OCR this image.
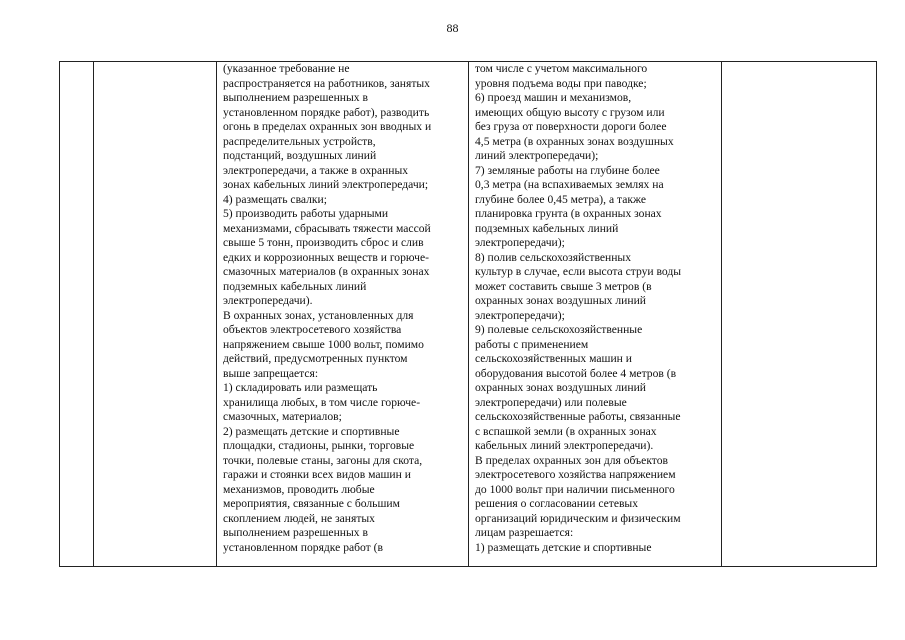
88

(указанное требование не
распространяется на работников, занятых
выполнением разрешенных в
установленном порядке работ), разводить
огонь в пределах охранных зон вводных и
распределительных устройств,
подстанций, воздушных линий
электропередачи, а также в охранных
зонах кабельных линий электропередачи;
4) размещать свалки;
5) производить работы ударными
механизмами, сбрасывать тяжести массой
свыше 5 тонн, производить сброс и слив
едких и коррозионных веществ и горюче-
смазочных материалов (в охранных зонах
подземных кабельных линий
электропередачи).
В охранных зонах, установленных для
объектов электросетевого хозяйства
напряжением свыше 1000 вольт, помимо
действий, предусмотренных пунктом
выше запрещается:
1) складировать или размещать
хранилища любых, в том числе горюче-
смазочных, материалов;
2) размещать детские и спортивные
площадки, стадионы, рынки, торговые
точки, полевые станы, загоны для скота,
гаражи и стоянки всех видов машин и
механизмов, проводить любые
мероприятия, связанные с большим
скоплением людей, не занятых
выполнением разрешенных в
установленном порядке работ (в

том числе с учетом максимального
уровня подъема воды при паводке;
6) проезд машин и механизмов,
имеющих общую высоту с грузом или
без груза от поверхности дороги более
4,5 метра (в охранных зонах воздушных
линий электропередачи);
7) земляные работы на глубине более
0,3 метра (на вспахиваемых землях на
глубине более 0,45 метра), а также
планировка грунта (в охранных зонах
подземных кабельных линий
электропередачи);
8) полив сельскохозяйственных
культур в случае, если высота струи воды
может составить свыше 3 метров (в
охранных зонах воздушных линий
электропередачи);
9) полевые сельскохозяйственные
работы с применением
сельскохозяйственных машин и
оборудования высотой более 4 метров (в
охранных зонах воздушных линий
электропередачи) или полевые
сельскохозяйственные работы, связанные
с вспашкой земли (в охранных зонах
кабельных линий электропередачи).
В пределах охранных зон для объектов
электросетевого хозяйства напряжением
до 1000 вольт при наличии письменного
решения о согласовании сетевых
организаций юридическим и физическим
лицам разрешается:
1) размещать детские и спортивные
